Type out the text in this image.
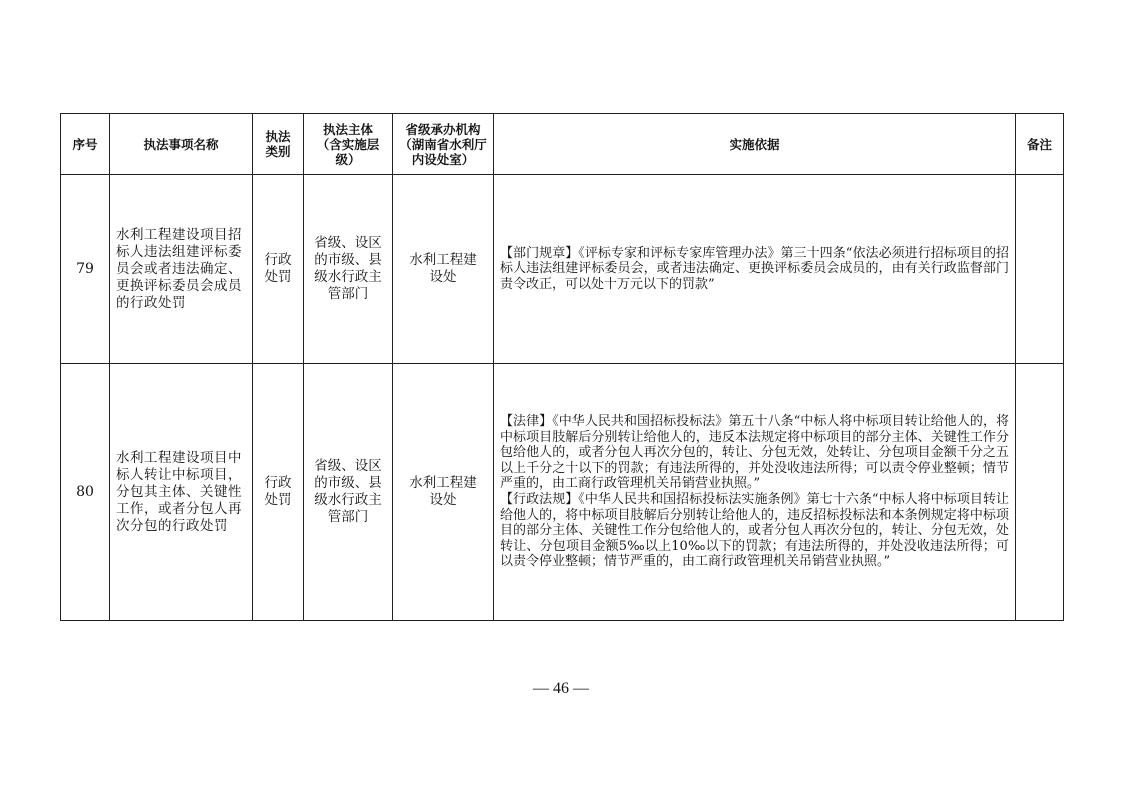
序号	执法事项名称	执法类别	执法主体（含实施层级）	省级承办机构（湖南省水利厅内设处室）	实施依据	备注
79	水利工程建设项目招标人违法组建评标委员会或者违法确定、更换评标委员会成员的行政处罚	行政处罚	省级、设区的市级、县级水行政主管部门	水利工程建设处	【部门规章】《评标专家和评标专家库管理办法》第三十四条“依法必须进行招标项目的招标人违法组建评标委员会，或者违法确定、更换评标委员会成员的，由有关行政监督部门责令改正，可以处十万元以下的罚款”	

80	水利工程建设项目中标人转让中标项目，分包其主体、关键性工作，或者分包人再次分包的行政处罚	行政处罚	省级、设区的市级、县级水行政主管部门	水利工程建设处	【法律】《中华人民共和国招标投标法》第五十八条“中标人将中标项目转让给他人的，将中标项目肢解后分别转让给他人的，违反本法规定将中标项目的部分主体、关键性工作分包给他人的，或者分包人再次分包的，转让、分包无效，处转让、分包项目金额千分之五以上千分之十以下的罚款；有违法所得的，并处没收违法所得；可以责令停业整顿；情节严重的，由工商行政管理机关吊销营业执照。”

【行政法规】《中华人民共和国招标投标法实施条例》第七十六条“中标人将中标项目转让给他人的，将中标项目肢解后分别转让给他人的，违反招标投标法和本条例规定将中标项目的部分主体、关键性工作分包给他人的，或者分包人再次分包的，转让、分包无效，处转让、分包项目金额5‰以上10‰以下的罚款；有违法所得的，并处没收违法所得；可以责令停业整顿；情节严重的，由工商行政管理机关吊销营业执照。”	

— 46 —
